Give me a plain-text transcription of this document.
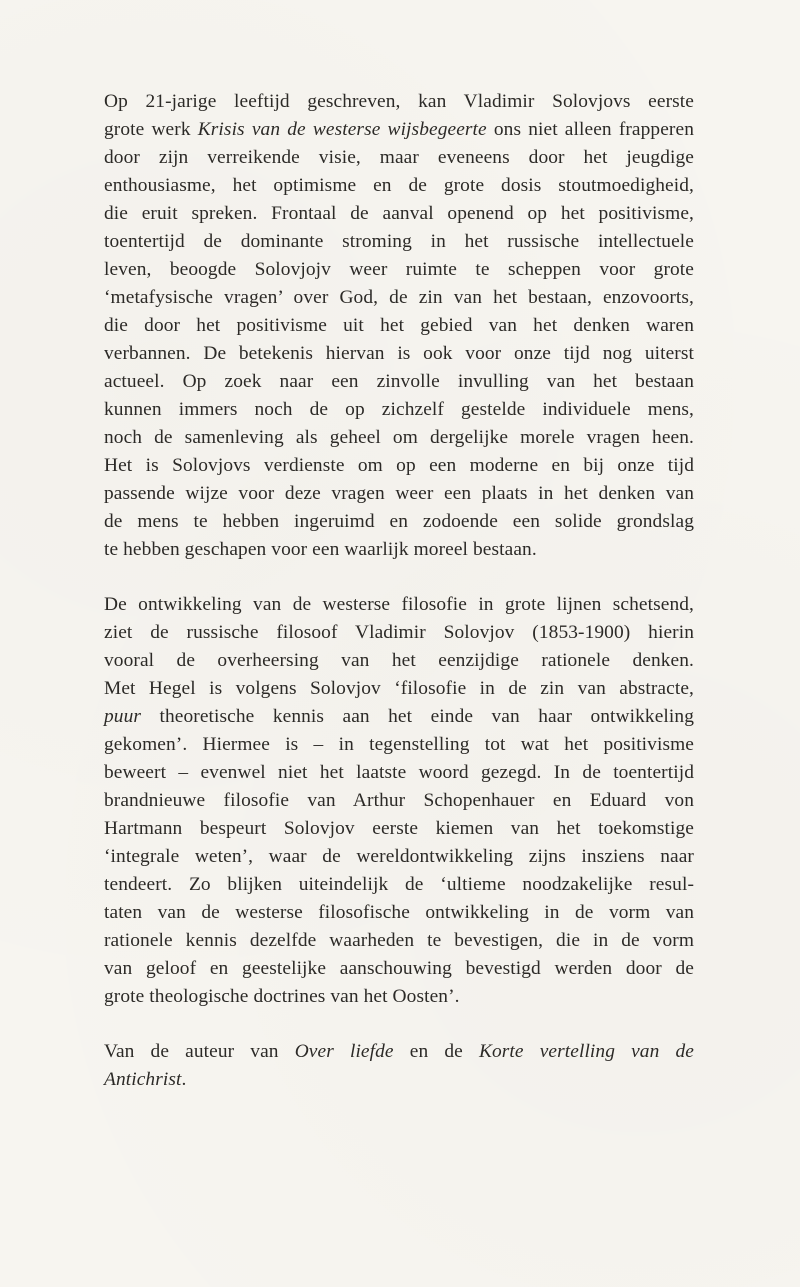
Op 21-jarige leeftijd geschreven, kan Vladimir Solovjovs eerste
grote werk Krisis van de westerse wijsbegeerte ons niet alleen frapperen
door zijn verreikende visie, maar eveneens door het jeugdige
enthousiasme, het optimisme en de grote dosis stoutmoedigheid,
die eruit spreken. Frontaal de aanval openend op het positivisme,
toentertijd de dominante stroming in het russische intellectuele
leven, beoogde Solovjojv weer ruimte te scheppen voor grote
‘metafysische vragen’ over God, de zin van het bestaan, enzovoorts,
die door het positivisme uit het gebied van het denken waren
verbannen. De betekenis hiervan is ook voor onze tijd nog uiterst
actueel. Op zoek naar een zinvolle invulling van het bestaan
kunnen immers noch de op zichzelf gestelde individuele mens,
noch de samenleving als geheel om dergelijke morele vragen heen.
Het is Solovjovs verdienste om op een moderne en bij onze tijd
passende wijze voor deze vragen weer een plaats in het denken van
de mens te hebben ingeruimd en zodoende een solide grondslag
te hebben geschapen voor een waarlijk moreel bestaan.

De ontwikkeling van de westerse filosofie in grote lijnen schetsend,
ziet de russische filosoof Vladimir Solovjov (1853-1900) hierin
vooral de overheersing van het eenzijdige rationele denken.
Met Hegel is volgens Solovjov ‘filosofie in de zin van abstracte,
puur theoretische kennis aan het einde van haar ontwikkeling
gekomen’. Hiermee is – in tegenstelling tot wat het positivisme
beweert – evenwel niet het laatste woord gezegd. In de toentertijd
brandnieuwe filosofie van Arthur Schopenhauer en Eduard von
Hartmann bespeurt Solovjov eerste kiemen van het toekomstige
‘integrale weten’, waar de wereldontwikkeling zijns insziens naar
tendeert. Zo blijken uiteindelijk de ‘ultieme noodzakelijke resul-
taten van de westerse filosofische ontwikkeling in de vorm van
rationele kennis dezelfde waarheden te bevestigen, die in de vorm
van geloof en geestelijke aanschouwing bevestigd werden door de
grote theologische doctrines van het Oosten’.

Van de auteur van Over liefde en de Korte vertelling van de
Antichrist.
